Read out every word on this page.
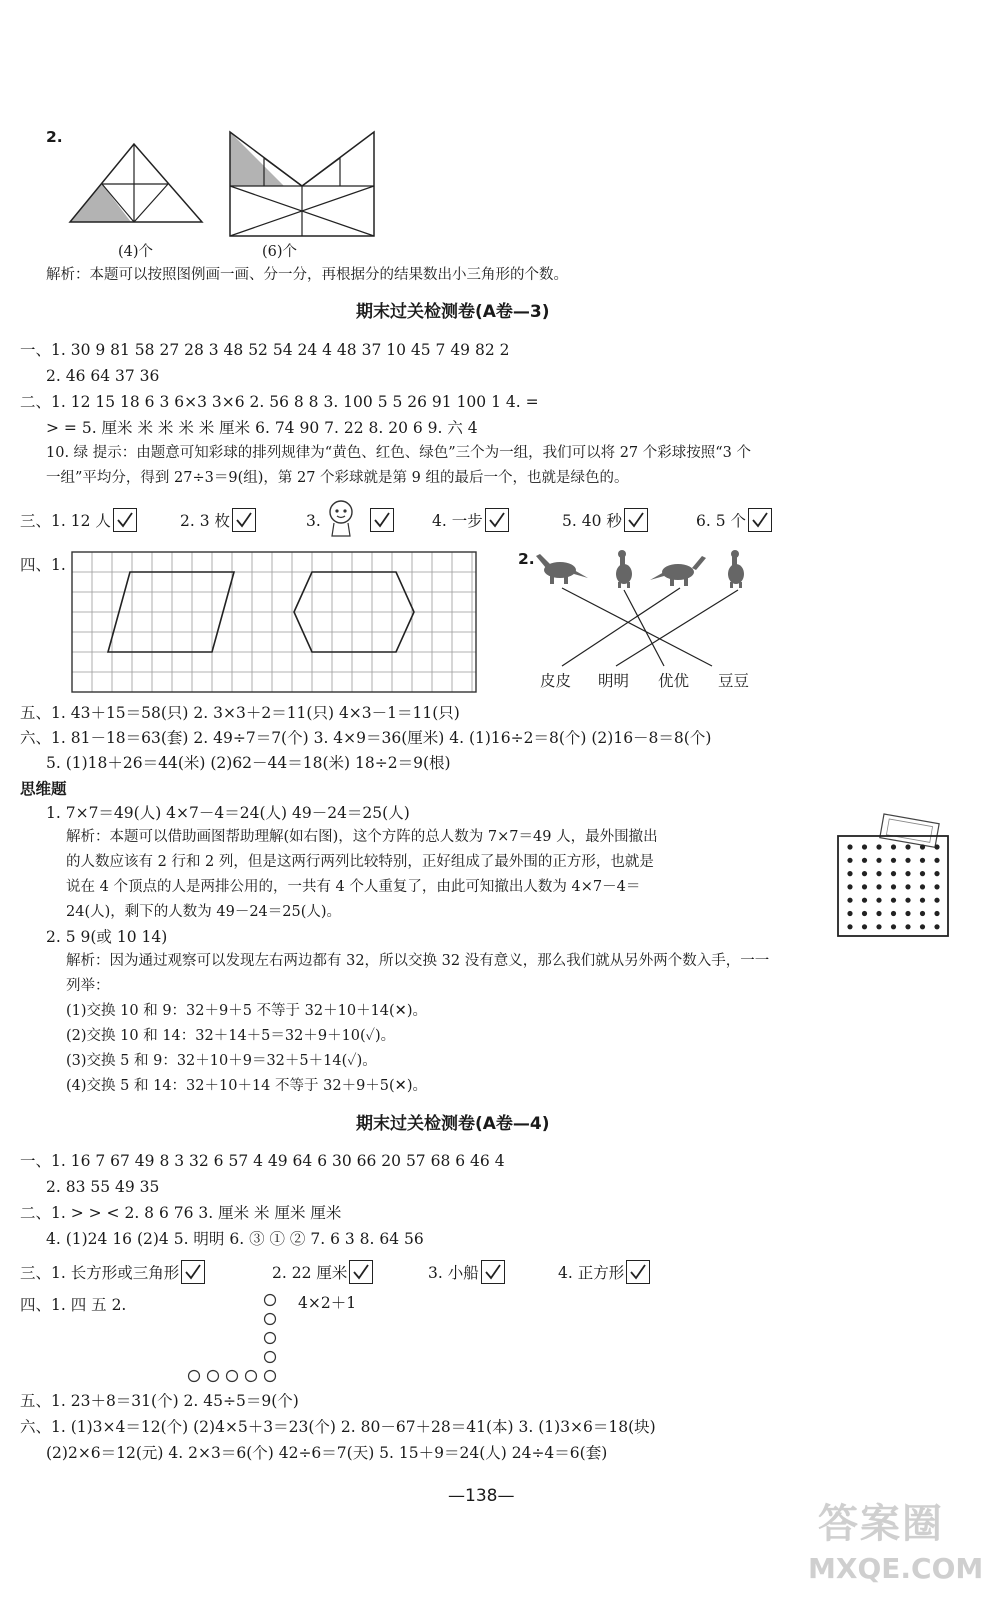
2.
(4)个	(6)个
解析：本题可以按照图例画一画、分一分，再根据分的结果数出小三角形的个数。
期末过关检测卷(A卷—3)
一、1. 30 9 81 58 27 28 3 48 52 54 24 4 48 37 10 45 7 49 82 2
2. 46 64 37 36
二、1. 12 15 18 6 3 6×3 3×6 2. 56 8 8 3. 100 5 5 26 91 100 1 4. =
> = 5. 厘米 米 米 米 米 厘米 6. 74 90 7. 22 8. 20 6 9. 六 4
10. 绿 提示：由题意可知彩球的排列规律为“黄色、红色、绿色”三个为一组，我们可以将 27 个彩球按照“3 个
一组”平均分，得到 27÷3＝9(组)，第 27 个彩球就是第 9 组的最后一个，也就是绿色的。
三、1. 12 人	2. 3 枚	3.	4. 一步	5. 40 秒	6. 5 个
四、1.	2.
皮皮 明明 优优 豆豆
五、1. 43＋15＝58(只) 2. 3×3＋2＝11(只) 4×3－1＝11(只)
六、1. 81－18＝63(套) 2. 49÷7＝7(个) 3. 4×9＝36(厘米) 4. (1)16÷2＝8(个) (2)16－8＝8(个)
5. (1)18＋26＝44(米) (2)62－44＝18(米) 18÷2＝9(根)
思维题
1. 7×7＝49(人) 4×7－4＝24(人) 49－24＝25(人)
解析：本题可以借助画图帮助理解(如右图)，这个方阵的总人数为 7×7＝49 人，最外围撤出
的人数应该有 2 行和 2 列，但是这两行两列比较特别，正好组成了最外围的正方形，也就是
说在 4 个顶点的人是两排公用的，一共有 4 个人重复了，由此可知撤出人数为 4×7－4＝
24(人)，剩下的人数为 49－24＝25(人)。
2. 5 9(或 10 14)
解析：因为通过观察可以发现左右两边都有 32，所以交换 32 没有意义，那么我们就从另外两个数入手，一一
列举：
(1)交换 10 和 9：32＋9＋5 不等于 32＋10＋14(✕)。
(2)交换 10 和 14：32＋14＋5＝32＋9＋10(✓)。
(3)交换 5 和 9：32＋10＋9＝32＋5＋14(✓)。
(4)交换 5 和 14：32＋10＋14 不等于 32＋9＋5(✕)。
期末过关检测卷(A卷—4)
一、1. 16 7 67 49 8 3 32 6 57 4 49 64 6 30 66 20 57 68 6 46 4
2. 83 55 49 35
二、1. > > < 2. 8 6 76 3. 厘米 米 厘米 厘米
4. (1)24 16 (2)4 5. 明明 6. ③ ① ② 7. 6 3 8. 64 56
三、1. 长方形或三角形	2. 22 厘米	3. 小船	4. 正方形
四、1. 四 五 2.	4×2＋1
五、1. 23＋8＝31(个) 2. 45÷5＝9(个)
六、1. (1)3×4＝12(个) (2)4×5＋3＝23(个) 2. 80－67＋28＝41(本) 3. (1)3×6＝18(块)
(2)2×6＝12(元) 4. 2×3＝6(个) 42÷6＝7(天) 5. 15＋9＝24(人) 24÷4＝6(套)
—138—
答案圈
MXQE.COM
